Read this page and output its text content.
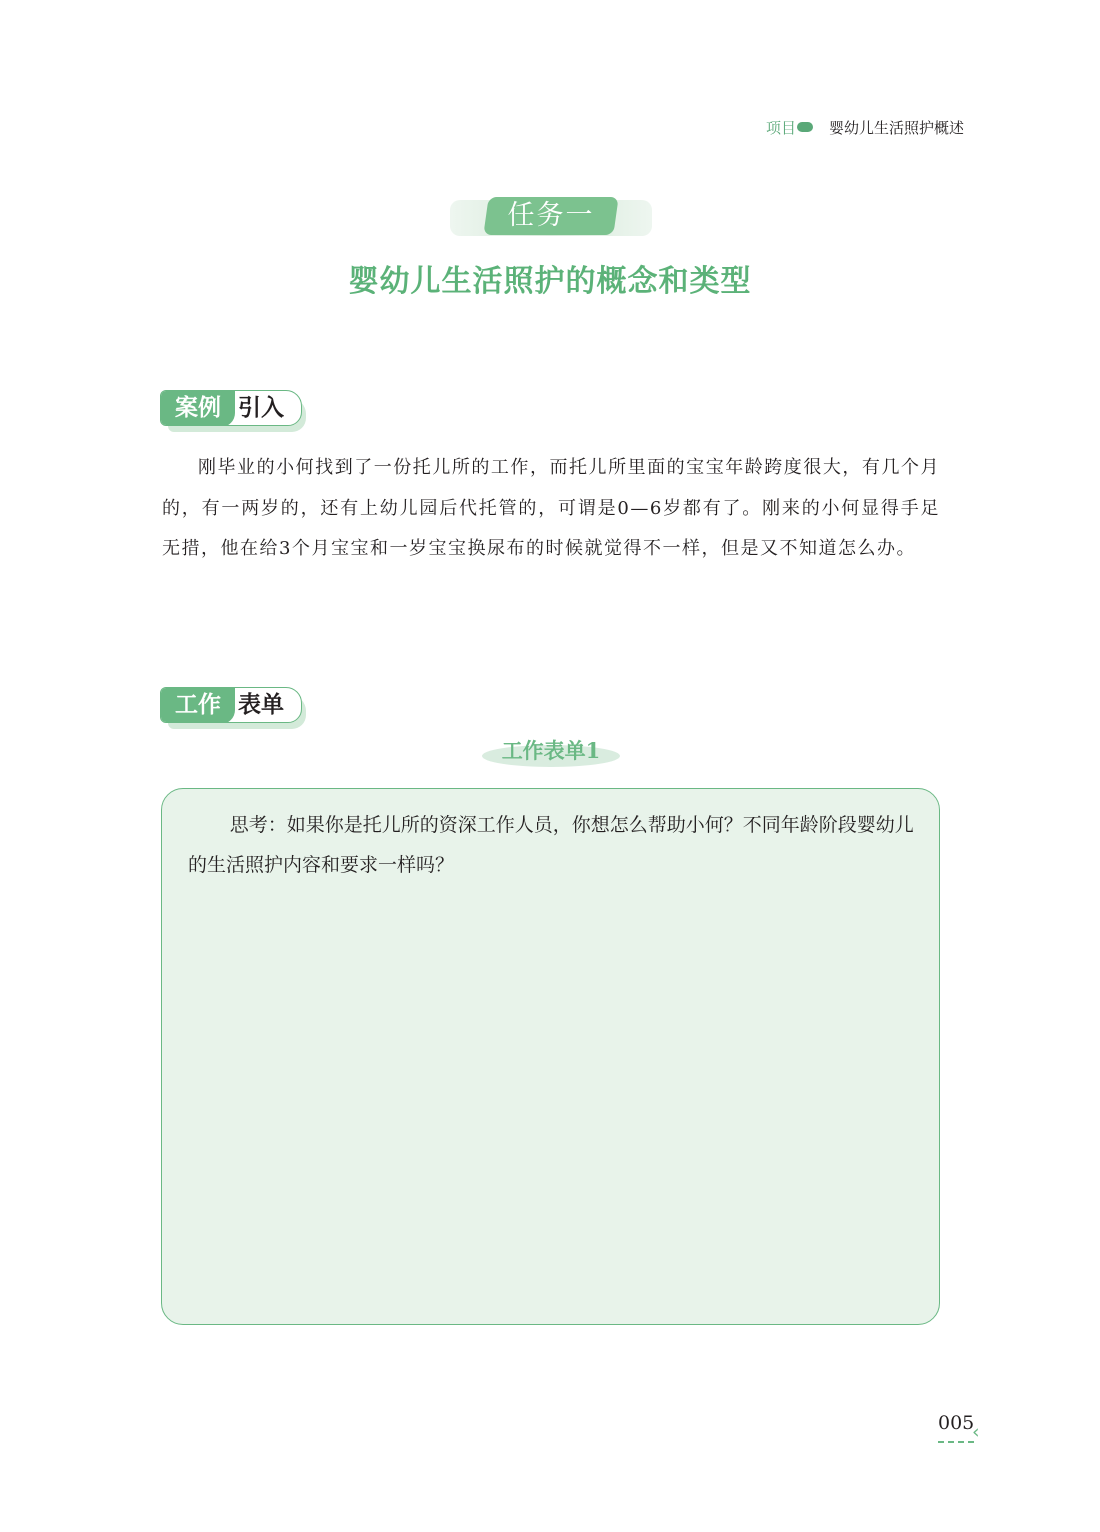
项目 婴幼儿生活照护概述
任务一
婴幼儿生活照护的概念和类型
案例 引入

刚毕业的小何找到了一份托儿所的工作，而托儿所里面的宝宝年龄跨度很大，有几个月的，有一两岁的，还有上幼儿园后代托管的，可谓是0—6岁都有了。刚来的小何显得手足无措，他在给3个月宝宝和一岁宝宝换尿布的时候就觉得不一样，但是又不知道怎么办。

工作 表单
工作表单1

思考：如果你是托儿所的资深工作人员，你想怎么帮助小何？不同年龄阶段婴幼儿的生活照护内容和要求一样吗？

005
‹
